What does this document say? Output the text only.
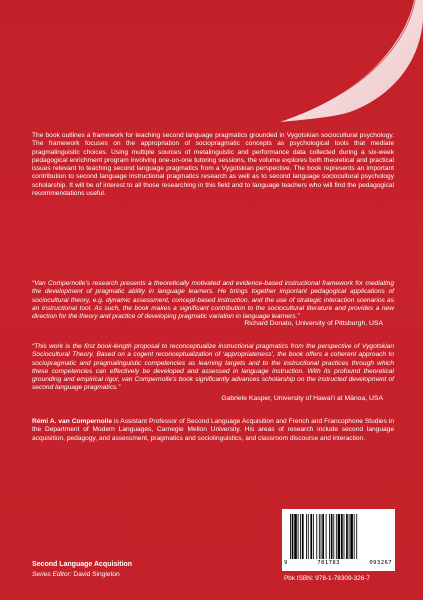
The book outlines a framework for teaching second language pragmatics grounded in Vygotskian sociocultural psychology. The framework focuses on the appropriation of sociopragmatic concepts as psychological tools that mediate pragmalinguistic choices. Using multiple sources of metalinguistic and performance data collected during a six-week pedagogical enrichment program involving one-on-one tutoring sessions, the volume explores both theoretical and practical issues relevant to teaching second language pragmatics from a Vygotskian perspective. The book represents an important contribution to second language instructional pragmatics research as well as to second language sociocultural psychology scholarship. It will be of interest to all those researching in this field and to language teachers who will find the pedagogical recommendations useful.
“Van Compernolle’s research presents a theoretically motivated and evidence-based instructional framework for mediating the development of pragmatic ability in language learners. He brings together important pedagogical applications of sociocultural theory, e.g. dynamic assessment, concept-based instruction, and the use of strategic interaction scenarios as an instructional tool. As such, the book makes a significant contribution to the sociocultural literature and provides a new direction for the theory and practice of developing pragmatic variation in language learners.”
Richard Donato, University of Pittsburgh, USA
“This work is the first book-length proposal to reconceptualize instructional pragmatics from the perspective of Vygotskian Sociocultural Theory. Based on a cogent reconceptualization of ‘appropriateness’, the book offers a coherent approach to sociopragmatic and pragmalinguistic competencies as learning targets and to the instructional practices through which these competencies can effectively be developed and assessed in language instruction. With its profound theoretical grounding and empirical rigor, van Compernolle’s book significantly advances scholarship on the instructed development of second language pragmatics.”
Gabriele Kasper, University of Hawai‘i at Mānoa, USA
Rémi A. van Compernolle is Assistant Professor of Second Language Acquisition and French and Francophone Studies in the Department of Modern Languages, Carnegie Mellon University. His areas of research include second language acquisition, pedagogy, and assessment, pragmatics and sociolinguistics, and classroom discourse and interaction.
Second Language Acquisition
Series Editor: David Singleton
9	781783	093267
Pbk ISBN: 978-1-78309-326-7
